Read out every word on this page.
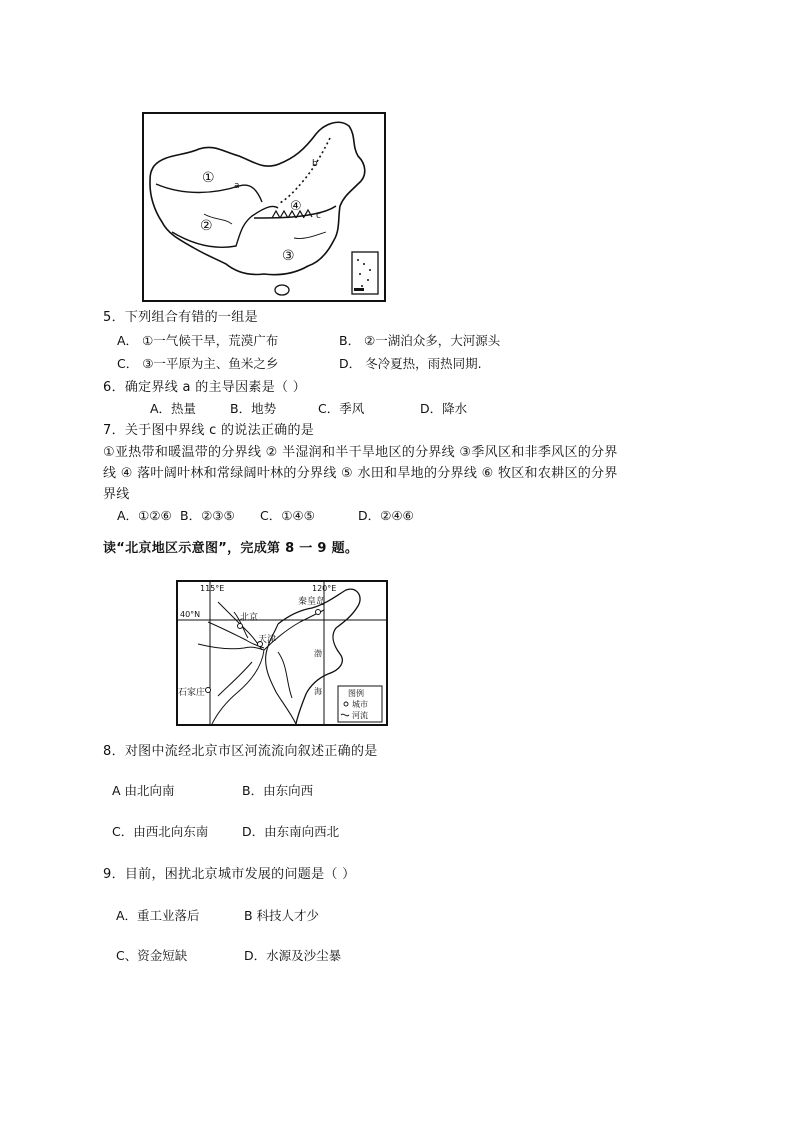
①
②
③
④
a
b
c
5．下列组合有错的一组是
A． ①一气候干旱，荒漠广布	B． ②一湖泊众多，大河源头
C． ③一平原为主、鱼米之乡	D． 冬冷夏热，雨热同期.
6．确定界线 a 的主导因素是（ ）
A．热量	B．地势	C．季风	D．降水
7．关于图中界线 c 的说法正确的是
①亚热带和暖温带的分界线 ② 半湿润和半干旱地区的分界线 ③季风区和非季风区的分界
线 ④ 落叶阔叶林和常绿阔叶林的分界线 ⑤ 水田和旱地的分界线 ⑥ 牧区和农耕区的分界
界线
A．①②⑥ B．②③⑤ C．①④⑤	D．②④⑥
读“北京地区示意图”，完成第 8 一 9 题。
115°E	120°E
40°N	北京
秦皇岛
天津
石家庄
渤
海	图例
城市
河流
8．对图中流经北京市区河流流向叙述正确的是
A 由北向南	B．由东向西
C．由西北向东南	D．由东南向西北
9．目前，困扰北京城市发展的问题是（ ）
A．重工业落后	B 科技人才少
C、资金短缺	D．水源及沙尘暴
